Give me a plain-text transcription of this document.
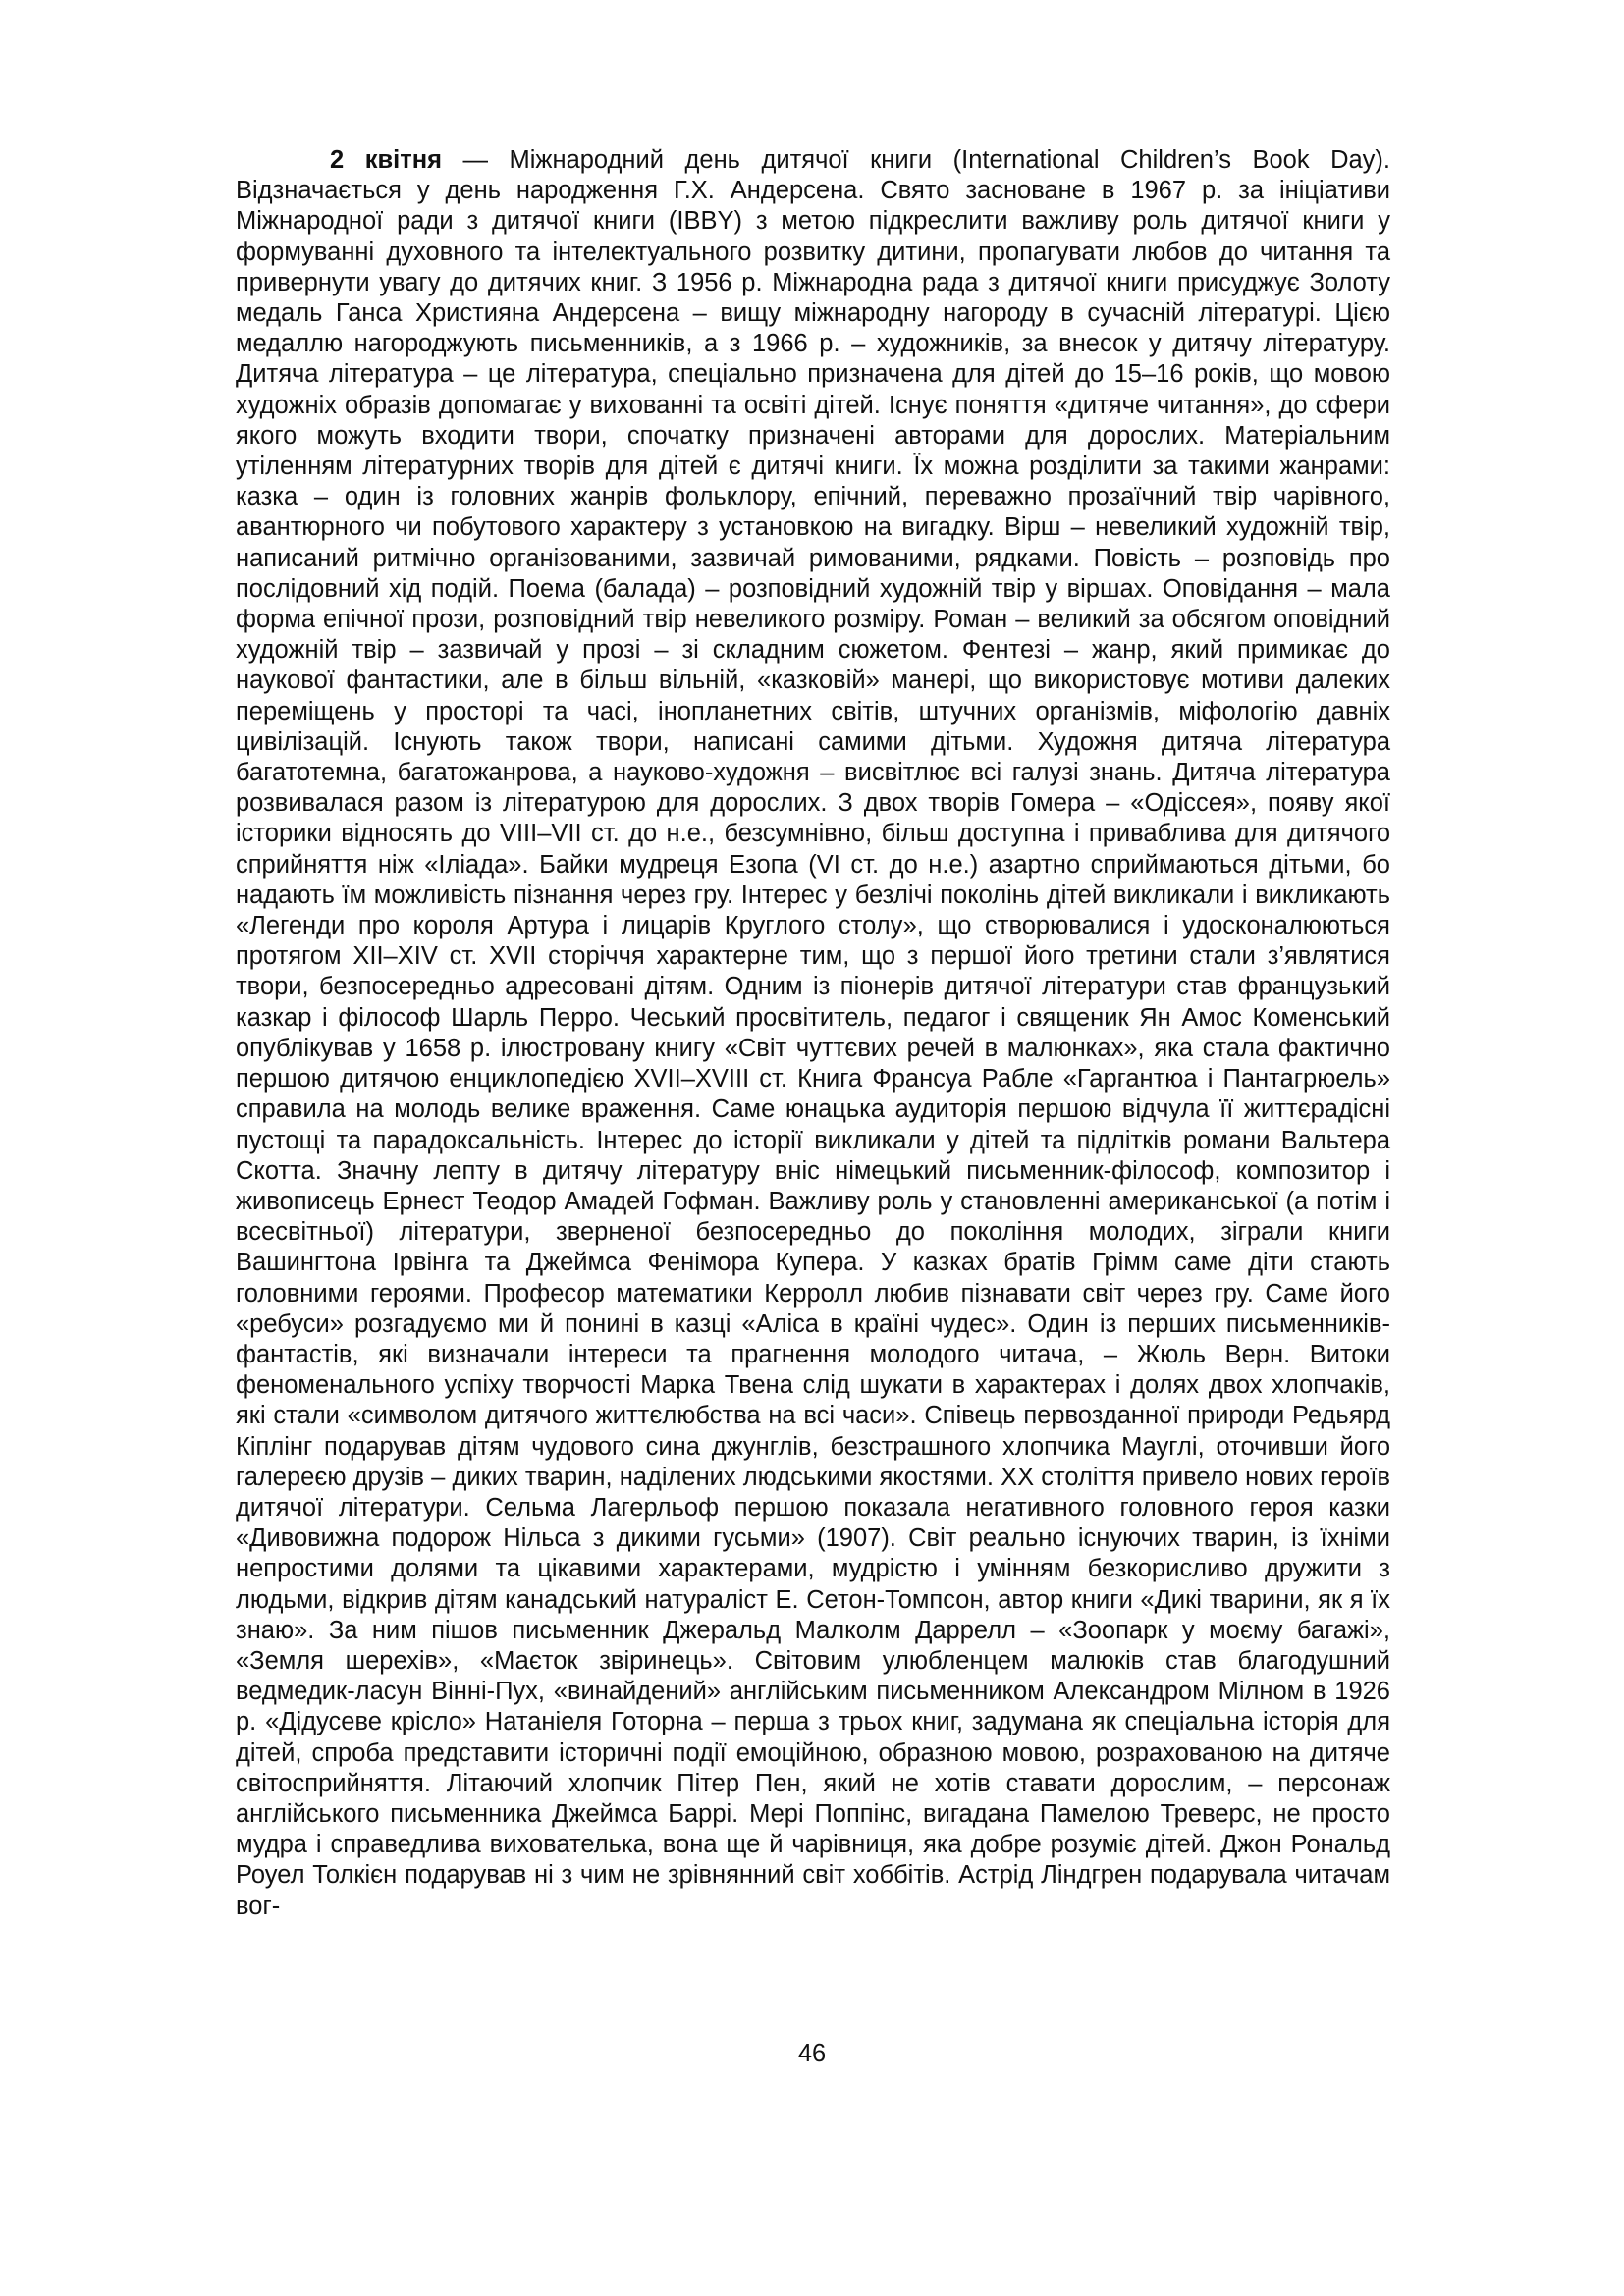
2 квітня — Міжнародний день дитячої книги (International Children’s Book Day). Відзначається у день народження Г.Х. Андерсена. Свято засноване в 1967 р. за ініціативи Міжнародної ради з дитячої книги (IBBY) з метою підкреслити важливу роль дитячої книги у формуванні духовного та інтелектуального розвитку дитини, пропагувати любов до читання та привернути увагу до дитячих книг. З 1956 р. Міжнародна рада з дитячої книги присуджує Золоту медаль Ганса Християна Андерсена – вищу міжнародну нагороду в сучасній літературі. Цією медаллю нагороджують письменників, а з 1966 р. – художників, за внесок у дитячу літературу. Дитяча література – це література, спеціально призначена для дітей до 15–16 років, що мовою художніх образів допомагає у вихованні та освіті дітей. Існує поняття «дитяче читання», до сфери якого можуть входити твори, спочатку призначені авторами для дорослих. Матеріальним утіленням літературних творів для дітей є дитячі книги. Їх можна розділити за такими жанрами: казка – один із головних жанрів фольклору, епічний, переважно прозаїчний твір чарівного, авантюрного чи побутового характеру з установкою на вигадку. Вірш – невеликий художній твір, написаний ритмічно організованими, зазвичай римованими, рядками. Повість – розповідь про послідовний хід подій. Поема (балада) – розповідний художній твір у віршах. Оповідання – мала форма епічної прози, розповідний твір невеликого розміру. Роман – великий за обсягом оповідний художній твір – зазвичай у прозі – зі складним сюжетом. Фентезі – жанр, який примикає до наукової фантастики, але в більш вільній, «казковій» манері, що використовує мотиви далеких переміщень у просторі та часі, інопланетних світів, штучних організмів, міфологію давніх цивілізацій. Існують також твори, написані самими дітьми. Художня дитяча література багатотемна, багатожанрова, а науково-художня – висвітлює всі галузі знань. Дитяча література розвивалася разом із літературою для дорослих. З двох творів Гомера – «Одіссея», появу якої історики відносять до VIII–VII ст. до н.е., безсумнівно, більш доступна і приваблива для дитячого сприйняття ніж «Іліада». Байки мудреця Езопа (VI ст. до н.е.) азартно сприймаються дітьми, бо надають їм можливість пізнання через гру. Інтерес у безлічі поколінь дітей викликали і викликають «Легенди про короля Артура і лицарів Круглого столу», що створювалися і удосконалюються протягом XII–XIV ст. XVII сторіччя характерне тим, що з першої його третини стали з’являтися твори, безпосередньо адресовані дітям. Одним із піонерів дитячої літератури став французький казкар і філософ Шарль Перро. Чеський просвітитель, педагог і священик Ян Амос Коменський опублікував у 1658 р. ілюстровану книгу «Світ чуттєвих речей в малюнках», яка стала фактично першою дитячою енциклопедією XVII–XVIII ст. Книга Франсуа Рабле «Гаргантюа і Пантагрюель» справила на молодь велике враження. Саме юнацька аудиторія першою відчула її життєрадісні пустощі та парадоксальність. Інтерес до історії викликали у дітей та підлітків романи Вальтера Скотта. Значну лепту в дитячу літературу вніс німецький письменник-філософ, композитор і живописець Ернест Теодор Амадей Гофман. Важливу роль у становленні американської (а потім і всесвітньої) літератури, зверненої безпосередньо до покоління молодих, зіграли книги Вашингтона Ірвінга та Джеймса Фенімора Купера. У казках братів Грімм саме діти стають головними героями. Професор математики Керролл любив пізнавати світ через гру. Саме його «ребуси» розгадуємо ми й понині в казці «Аліса в країні чудес». Один із перших письменників-фантастів, які визначали інтереси та прагнення молодого читача, – Жюль Верн. Витоки феноменального успіху творчості Марка Твена слід шукати в характерах і долях двох хлопчаків, які стали «символом дитячого життєлюбства на всі часи». Співець первозданної природи Редьярд Кіплінг подарував дітям чудового сина джунглів, безстрашного хлопчика Мауглі, оточивши його галереєю друзів – диких тварин, наділених людськими якостями. XX століття привело нових героїв дитячої літератури. Сельма Лагерльоф першою показала негативного головного героя казки «Дивовижна подорож Нільса з дикими гусьми» (1907). Світ реально існуючих тварин, із їхніми непростими долями та цікавими характерами, мудрістю і умінням безкорисливо дружити з людьми, відкрив дітям канадський натураліст Е. Сетон-Томпсон, автор книги «Дикі тварини, як я їх знаю». За ним пішов письменник Джеральд Малколм Даррелл – «Зоопарк у моєму багажі», «Земля шерехів», «Маєток звіринець». Світовим улюбленцем малюків став благодушний ведмедик-ласун Вінні-Пух, «винайдений» англійським письменником Александром Мілном в 1926 р. «Дідусеве крісло» Натаніеля Готорна – перша з трьох книг, задумана як спеціальна історія для дітей, спроба представити історичні події емоційною, образною мовою, розрахованою на дитяче світосприйняття. Літаючий хлопчик Пітер Пен, який не хотів ставати дорослим, – персонаж англійського письменника Джеймса Баррі. Мері Поппінс, вигадана Памелою Треверс, не просто мудра і справедлива вихователька, вона ще й чарівниця, яка добре розуміє дітей. Джон Рональд Роуел Толкієн подарував ні з чим не зрівнянний світ хоббітів. Астрід Ліндгрен подарувала читачам вог-

46
